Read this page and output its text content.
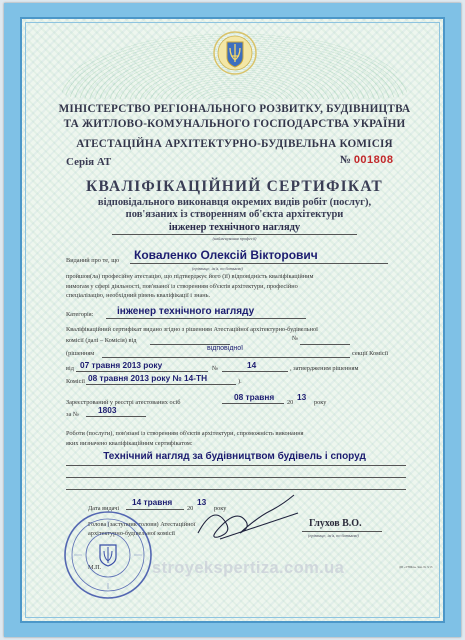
МІНІСТЕРСТВО РЕГІОНАЛЬНОГО РОЗВИТКУ, БУДІВНИЦТВА
ТА ЖИТЛОВО-КОМУНАЛЬНОГО ГОСПОДАРСТВА УКРАЇНИ
АТЕСТАЦІЙНА АРХІТЕКТУРНО-БУДІВЕЛЬНА КОМІСІЯ
Серія АТ	№ 001808
КВАЛІФІКАЦІЙНИЙ СЕРТИФІКАТ
відповідального виконавця окремих видів робіт (послуг),
пов'язаних із створенням об'єкта архітектури
інженер технічного нагляду
(найменування професії)
Виданий про те, що Коваленко Олексій Вікторович
(прізвище, ім'я, по батькові)
пройшов(ла) професійну атестацію, що підтверджує його (її) відповідність кваліфікаційним
вимогам у сфері діяльності, пов'язаної із створенням об'єктів архітектури, професійно
спеціалізацію, необхідний рівень кваліфікації і знань.
Категорія: інженер технічного нагляду
Кваліфікаційний сертифікат видано згідно з рішенням Атестаційної архітектурно-будівельної
комісії (далі – Комісія) від	№
(рішенням
відповідної
секції Комісії
від 07 травня 2013 року	№	14	, затвердженим рішенням
Комісії 08 травня 2013 року № 14-ТН	).
Зареєстрований у реєстрі атестованих осіб
08 травня
20
13
року
за № 1803
Роботи (послуги), пов'язані із створенням об'єктів архітектури, спроможність виконання
яких визначено кваліфікаційним сертифікатом:
Технічний нагляд за будівництвом будівель і споруд
Дата видачі
14 травня
20
13
року
Голова (заступник голови) Атестаційної
архітектурно-будівельної комісії
Глухов В.О.
(прізвище, ім'я, по батькові)
М.П.	stroyekspertiza.com.ua	ДП «УНІКА» Зам. № 3/13
